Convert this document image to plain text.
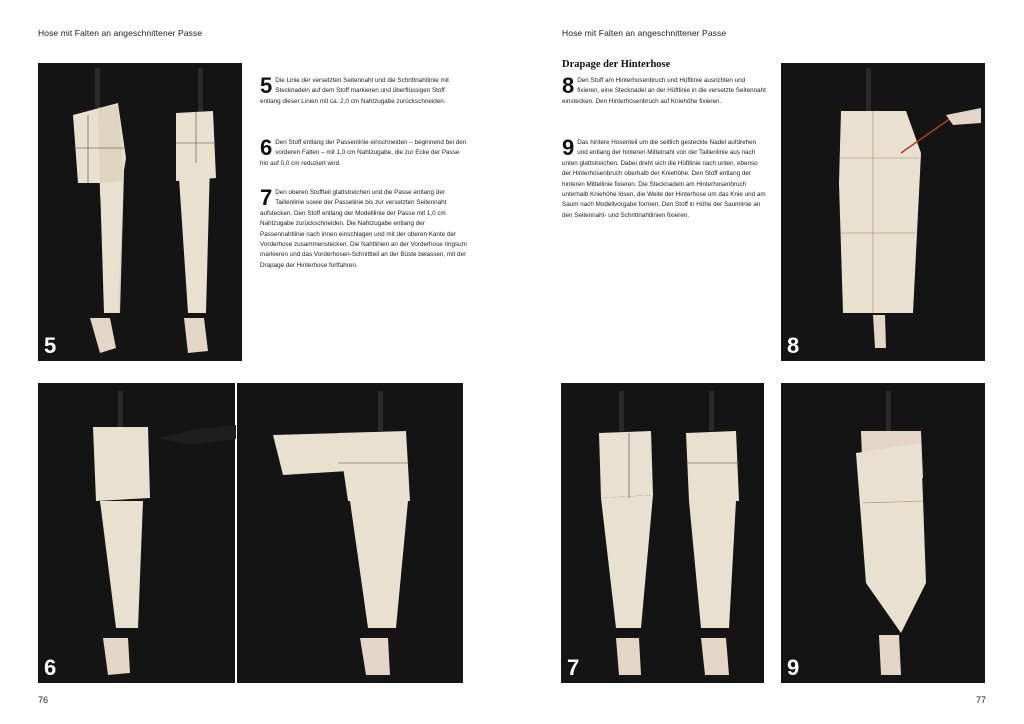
Hose mit Falten an angeschnittener Passe
5
5 Die Linie der versetzten Seitennaht und die Schrittnahtlinie mit Stecknadeln auf dem Stoff markieren und überflüssigen Stoff entlang dieser Linien mit ca. 2,0 cm Nahtzugabe zurückschneiden.
6 Den Stoff entlang der Passenlinie einschneiden – beginnend bei den vorderen Falten – mit 1,0 cm Nahtzugabe, die zur Ecke der Passe hin auf 0,0 cm reduziert wird.
7 Den oberen Stoffteil glattstreichen und die Passe entlang der Taillenlinie sowie der Passelinie bis zur versetzten Seitennaht aufstecken. Den Stoff entlang der Modelllinie der Passe mit 1,0 cm Nahtzugabe zurückschneiden. Die Nahtzugabe entlang der Passennahtlinie nach innen einschlagen und mit der oberen Kante der Vorderhose zusammenstecken. Die Nahtlinien an der Vorderhose ringsum markieren und das Vorderhosen-Schnittteil an der Büste belassen, mit der Drapage der Hinterhose fortfahren.
6
76
Hose mit Falten an angeschnittener Passe
Drapage der Hinterhose
8 Den Stoff am Hinterhosenbruch und Hüftlinie ausrichten und fixieren, eine Stecknadel an der Hüftlinie in die versetzte Seitennaht einstecken. Den Hinterhosenbruch auf Kniehöhe fixieren.
9 Das hintere Hosenteil um die seitlich gesteckte Nadel aufdrehen und entlang der hinteren Mittelnaht von der Taillenlinie aus nach unten glattstreichen. Dabei dreht sich die Hüftlinie nach unten, ebenso der Hinterhosenbruch oberhalb der Kniehöhe. Den Stoff entlang der hinteren Mittellinie fixieren. Die Stecknadeln am Hinterhosenbruch unterhalb Kniehöhe lösen, die Weite der Hinterhose um das Knie und am Saum nach Modellvorgabe formen. Den Stoff in Höhe der Saumlinie an den Seitennaht- und Schrittnahtlinien fixieren.
8
7	9
77
